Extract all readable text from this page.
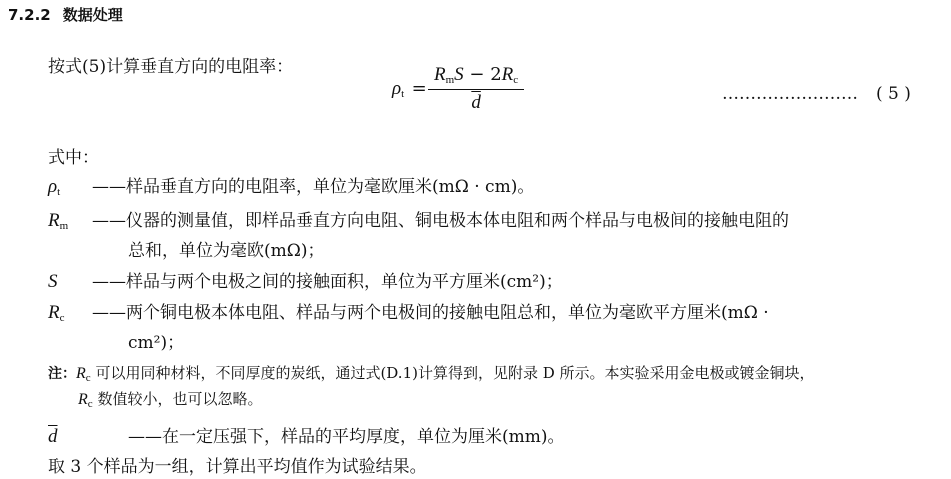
7.2.2 数据处理
按式(5)计算垂直方向的电阻率：
$\rho_t$ =
$R_mS - 2R_c$
$\overline{d}$	…………………… ( 5 )
式中：
$\rho_t$ ——样品垂直方向的电阻率，单位为毫欧厘米(mΩ · cm)。
$R_m$ ——仪器的测量值，即样品垂直方向电阻、铜电极本体电阻和两个样品与电极间的接触电阻的
总和，单位为毫欧(mΩ)；
S ——样品与两个电极之间的接触面积，单位为平方厘米(cm²)；
$R_c$ ——两个铜电极本体电阻、样品与两个电极间的接触电阻总和，单位为毫欧平方厘米(mΩ ·
cm²)；
注：$R_c$ 可以用同种材料，不同厚度的炭纸，通过式(D.1)计算得到，见附录 D 所示。本实验采用金电极或镀金铜块，
$R_c$ 数值较小，也可以忽略。
$\overline{d}$	——在一定压强下，样品的平均厚度，单位为厘米(mm)。
取 3 个样品为一组，计算出平均值作为试验结果。
